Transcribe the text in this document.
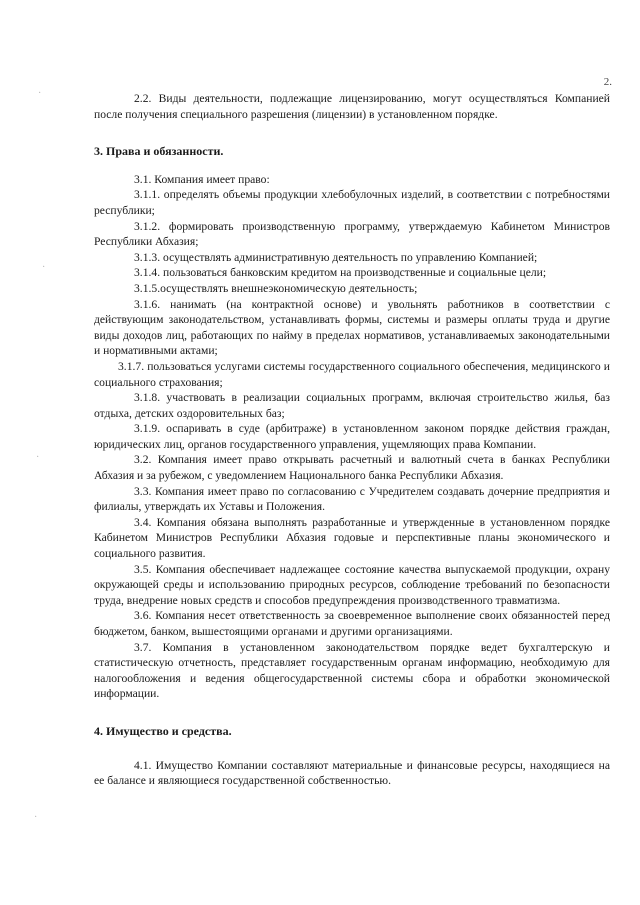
·
·
·
·
2.

2.2. Виды деятельности, подлежащие лицензированию, могут осуществляться Компанией после получения специального разрешения (лицензии) в установленном порядке.

3. Права и обязанности.

3.1. Компания имеет право:

3.1.1. определять объемы продукции хлебобулочных изделий, в соответствии с потребностями республики;

3.1.2. формировать производственную программу, утверждаемую Кабинетом Министров Республики Абхазия;

3.1.3. осуществлять административную деятельность по управлению Компанией;

3.1.4. пользоваться банковским кредитом на производственные и социальные цели;

3.1.5.осуществлять внешнеэкономическую деятельность;

3.1.6. нанимать (на контрактной основе) и увольнять работников в соответствии с действующим законодательством, устанавливать формы, системы и размеры оплаты труда и другие виды доходов лиц, работающих по найму в пределах нормативов, устанавливаемых законодательными и нормативными актами;

3.1.7. пользоваться услугами системы государственного социального обеспечения, медицинского и социального страхования;

3.1.8. участвовать в реализации социальных программ, включая строительство жилья, баз отдыха, детских оздоровительных баз;

3.1.9. оспаривать в суде (арбитраже) в установленном законом порядке действия граждан, юридических лиц, органов государственного управления, ущемляющих права Компании.

3.2. Компания имеет право открывать расчетный и валютный счета в банках Республики Абхазия и за рубежом, с уведомлением Национального банка Республики Абхазия.

3.3. Компания имеет право по согласованию с Учредителем создавать дочерние предприятия и филиалы, утверждать их Уставы и Положения.

3.4. Компания обязана выполнять разработанные и утвержденные в установленном порядке Кабинетом Министров Республики Абхазия годовые и перспективные планы экономического и социального развития.

3.5. Компания обеспечивает надлежащее состояние качества выпускаемой продукции, охрану окружающей среды и использованию природных ресурсов, соблюдение требований по безопасности труда, внедрение новых средств и способов предупреждения производственного травматизма.

3.6. Компания несет ответственность за своевременное выполнение своих обязанностей перед бюджетом, банком, вышестоящими органами и другими организациями.

3.7. Компания в установленном законодательством порядке ведет бухгалтерскую и статистическую отчетность, представляет государственным органам информацию, необходимую для налогообложения и ведения общегосударственной системы сбора и обработки экономической информации.

4. Имущество и средства.

4.1. Имущество Компании составляют материальные и финансовые ресурсы, находящиеся на ее балансе и являющиеся государственной собственностью.
